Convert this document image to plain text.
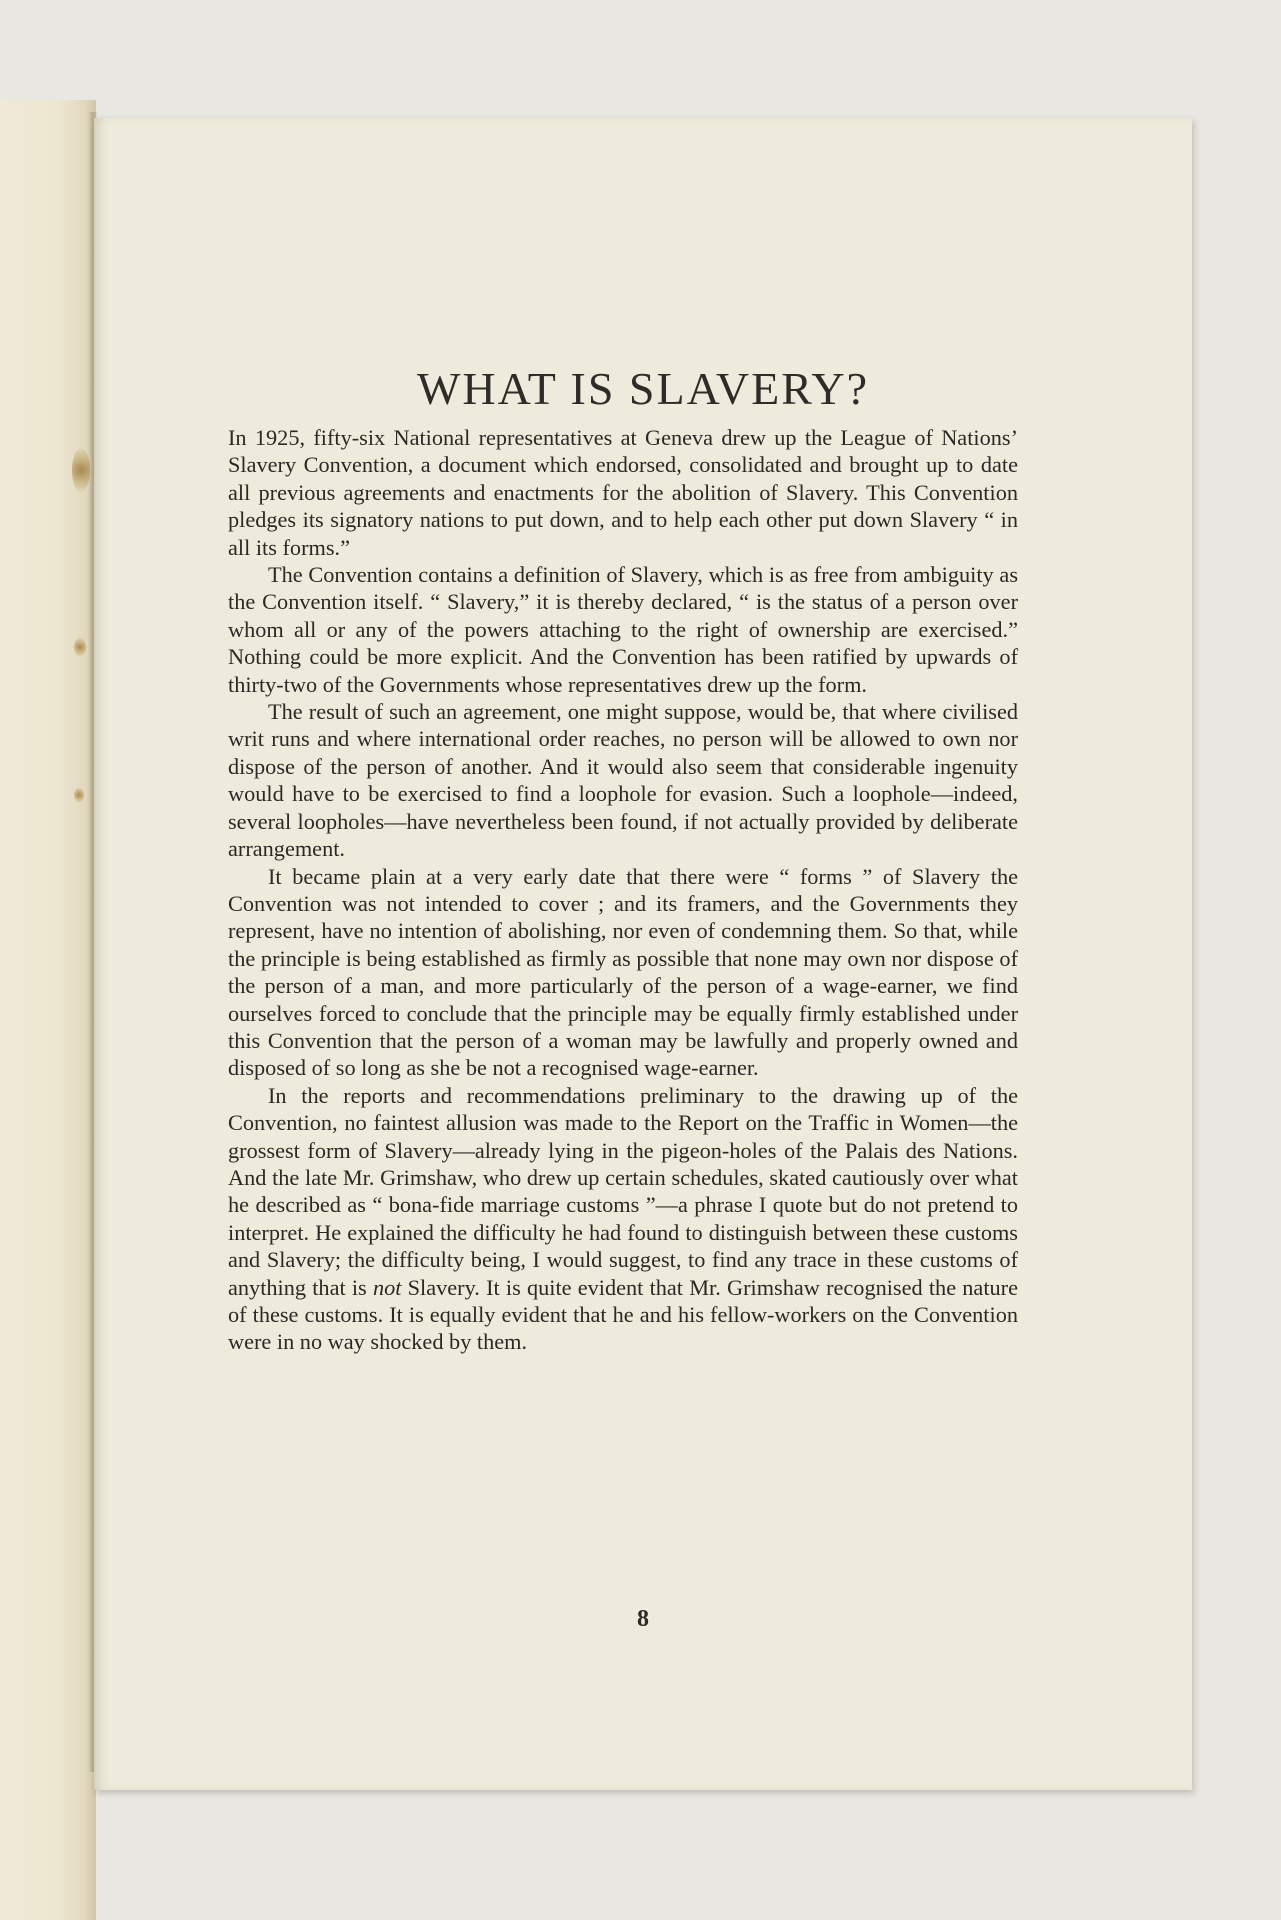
WHAT IS SLAVERY?

In 1925, fifty-six National representatives at Geneva drew up the League of Nations’ Slavery Convention, a document which endorsed, consolidated and brought up to date all previous agreements and enactments for the abolition of Slavery. This Convention pledges its signatory nations to put down, and to help each other put down Slavery “ in all its forms.”

The Convention contains a definition of Slavery, which is as free from ambiguity as the Convention itself. “ Slavery,” it is thereby declared, “ is the status of a person over whom all or any of the powers attaching to the right of ownership are exercised.” Nothing could be more explicit. And the Convention has been ratified by upwards of thirty-two of the Governments whose representatives drew up the form.

The result of such an agreement, one might suppose, would be, that where civilised writ runs and where international order reaches, no person will be allowed to own nor dispose of the person of another. And it would also seem that considerable ingenuity would have to be exercised to find a loophole for evasion. Such a loophole—indeed, several loopholes—have nevertheless been found, if not actually provided by deliberate arrangement.

It became plain at a very early date that there were “ forms ” of Slavery the Convention was not intended to cover ; and its framers, and the Governments they represent, have no intention of abolishing, nor even of condemning them. So that, while the principle is being established as firmly as possible that none may own nor dispose of the person of a man, and more particularly of the person of a wage-earner, we find ourselves forced to conclude that the principle may be equally firmly established under this Convention that the person of a woman may be lawfully and properly owned and disposed of so long as she be not a recognised wage-earner.

In the reports and recommendations preliminary to the drawing up of the Convention, no faintest allusion was made to the Report on the Traffic in Women—the grossest form of Slavery—already lying in the pigeon-holes of the Palais des Nations. And the late Mr. Grimshaw, who drew up certain schedules, skated cautiously over what he described as “ bona-fide marriage customs ”—a phrase I quote but do not pretend to interpret. He explained the difficulty he had found to distinguish between these customs and Slavery; the difficulty being, I would suggest, to find any trace in these customs of anything that is not Slavery. It is quite evident that Mr. Grimshaw recognised the nature of these customs. It is equally evident that he and his fellow-workers on the Convention were in no way shocked by them.

8
